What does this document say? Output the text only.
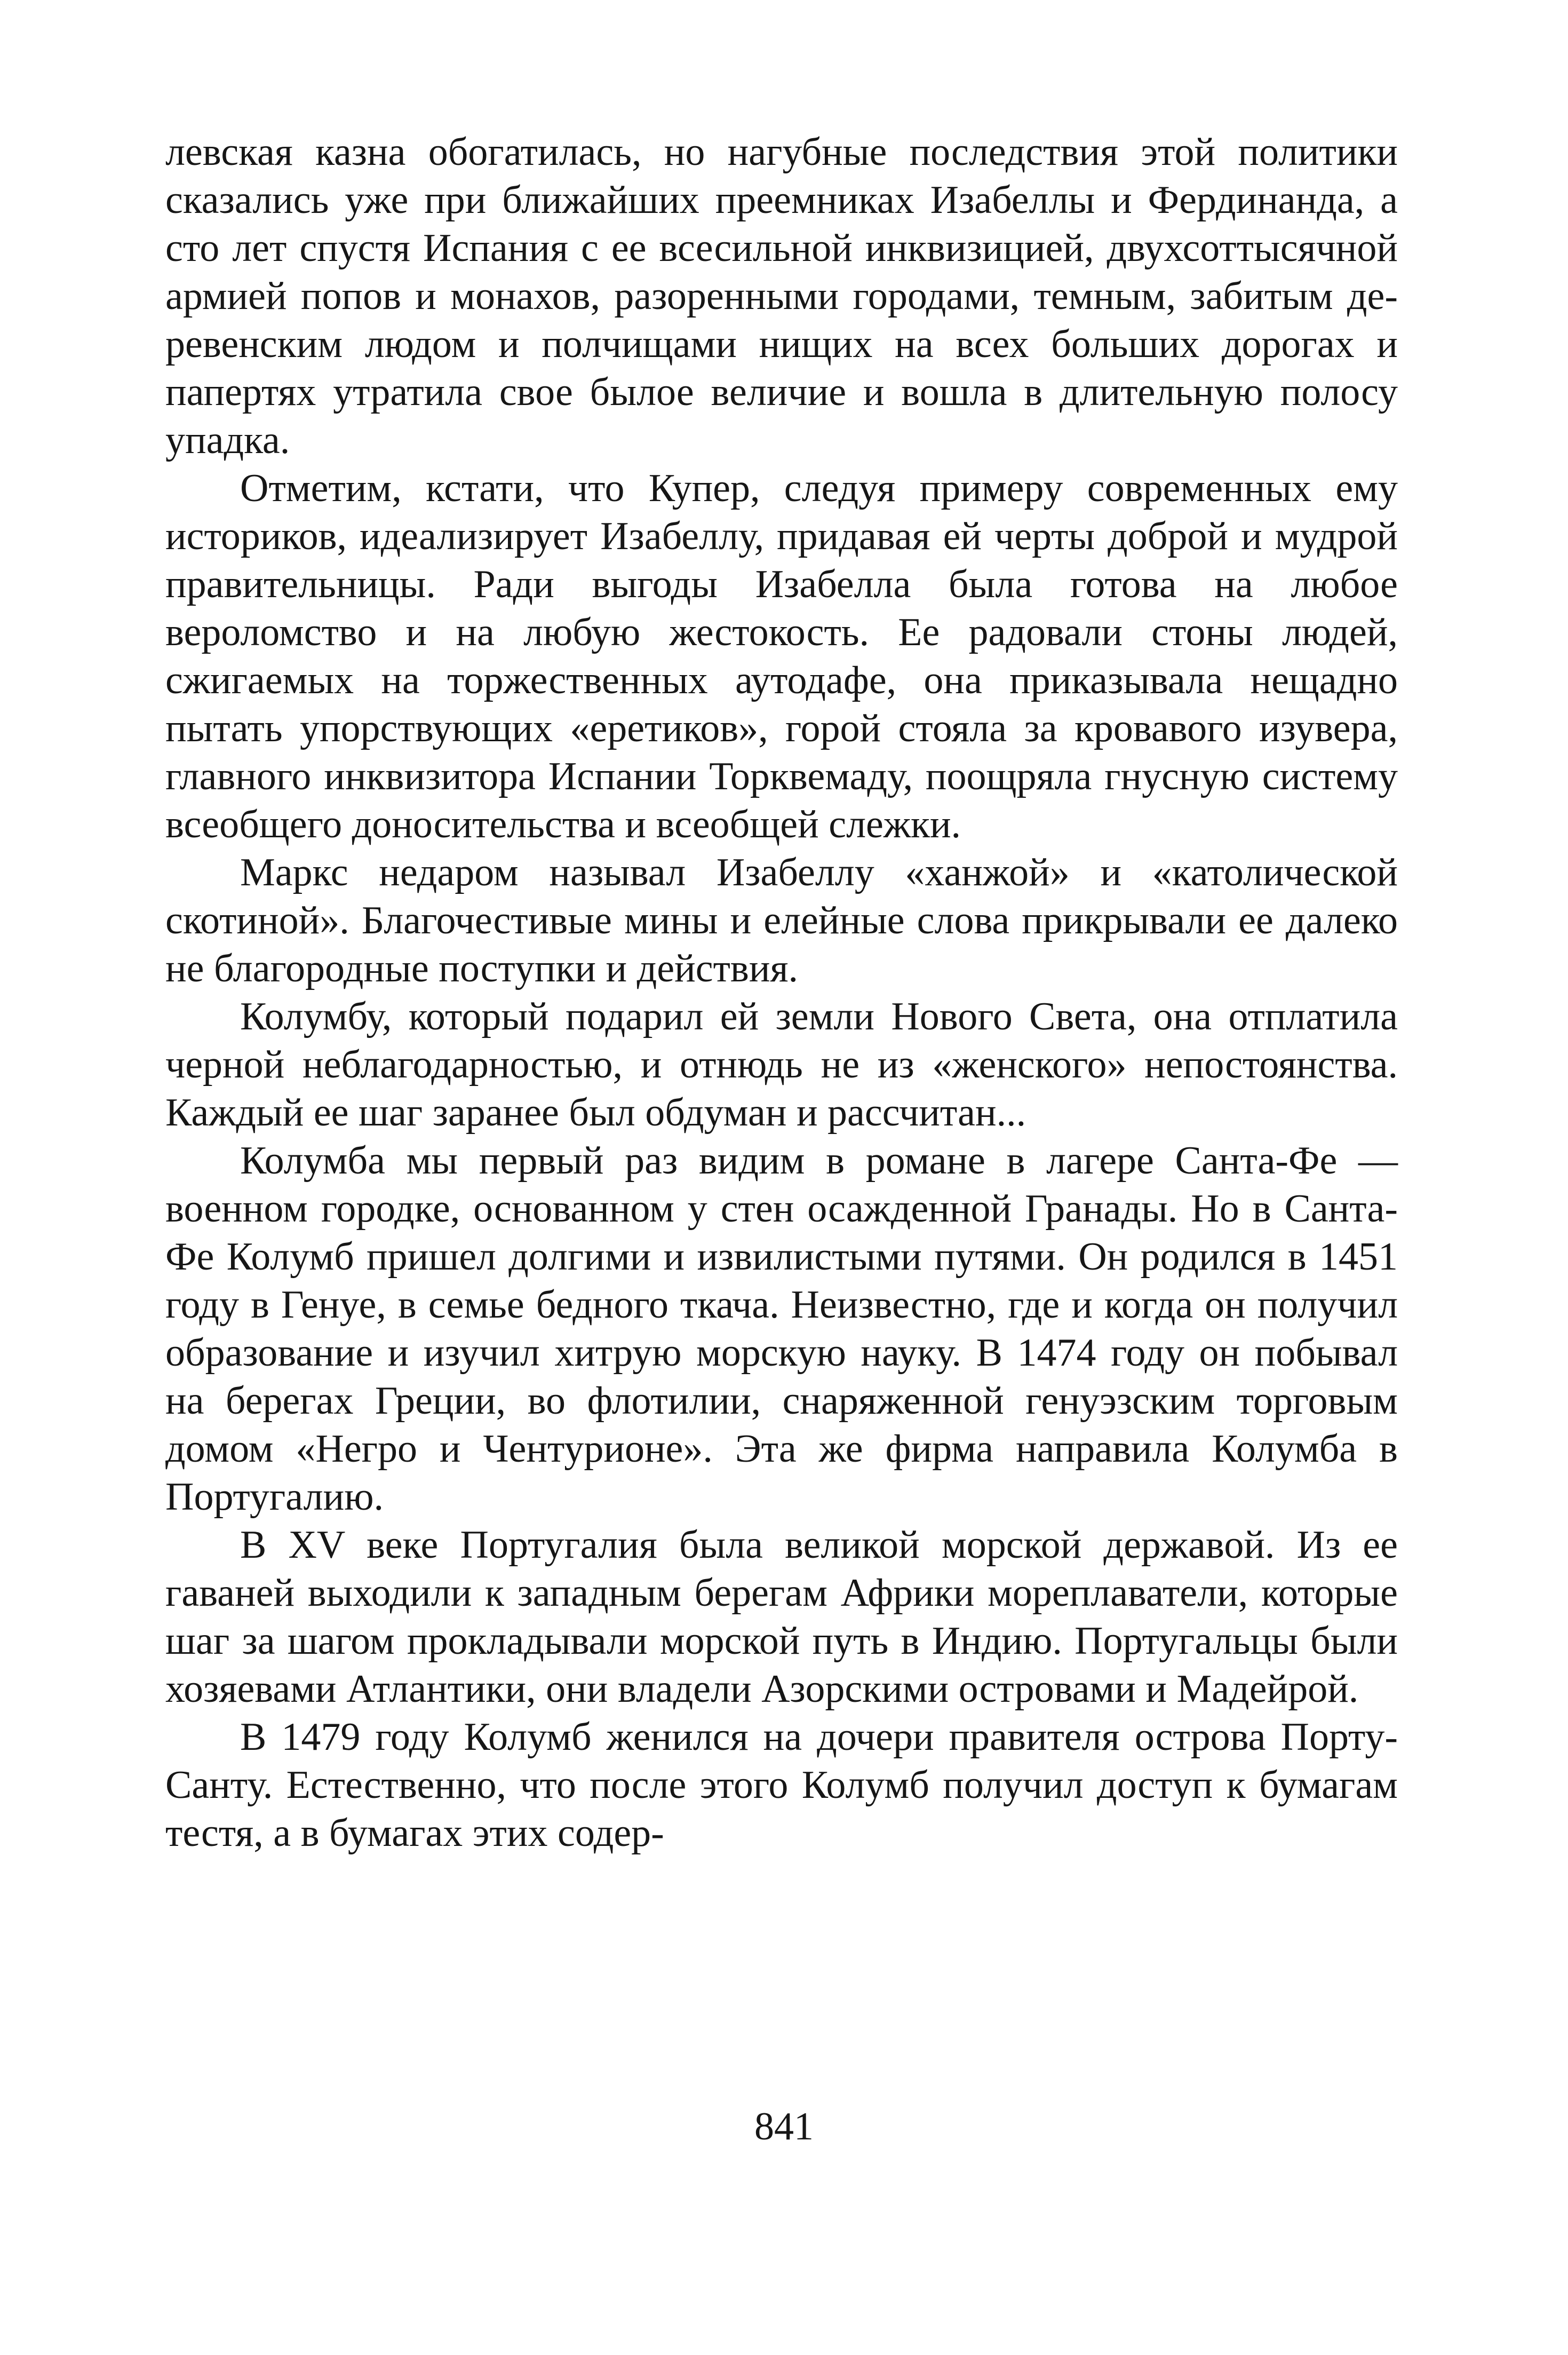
левская казна обогатилась, но нагубные последствия этой политики сказались уже при ближайших преемниках Изабеллы и Фердинанда, а сто лет спустя Испания с ее всесильной инквизицией, двухсоттысячной армией попов и монахов, разоренными городами, темным, забитым деревенским людом и полчищами нищих на всех больших дорогах и папертях утратила свое былое величие и вошла в длительную полосу упадка.

Отметим, кстати, что Купер, следуя примеру современных ему историков, идеализирует Изабеллу, придавая ей черты доброй и мудрой правительницы. Ради выгоды Изабелла была готова на любое вероломство и на любую жестокость. Ее радовали стоны людей, сжигаемых на торжественных аутодафе, она приказывала нещадно пытать упорствующих «еретиков», горой стояла за кровавого изувера, главного инквизитора Испании Торквемаду, поощряла гнусную систему всеобщего доносительства и всеобщей слежки.

Маркс недаром называл Изабеллу «ханжой» и «католической скотиной». Благочестивые мины и елейные слова прикрывали ее далеко не благородные поступки и действия.

Колумбу, который подарил ей земли Нового Света, она отплатила черной неблагодарностью, и отнюдь не из «женского» непостоянства. Каждый ее шаг заранее был обдуман и рассчитан...

Колумба мы первый раз видим в романе в лагере Санта-Фе — военном городке, основанном у стен осажденной Гранады. Но в Санта-Фе Колумб пришел долгими и извилистыми путями. Он родился в 1451 году в Генуе, в семье бедного ткача. Неизвестно, где и когда он получил образование и изучил хитрую морскую науку. В 1474 году он побывал на берегах Греции, во флотилии, снаряженной генуэзским торговым домом «Негро и Чентурионе». Эта же фирма направила Колумба в Португалию.

В XV веке Португалия была великой морской державой. Из ее гаваней выходили к западным берегам Африки мореплаватели, которые шаг за шагом прокладывали морской путь в Индию. Португальцы были хозяевами Атлантики, они владели Азорскими островами и Мадейрой.

В 1479 году Колумб женился на дочери правителя острова Порту-Санту. Естественно, что после этого Колумб получил доступ к бумагам тестя, а в бумагах этих содер-

841
